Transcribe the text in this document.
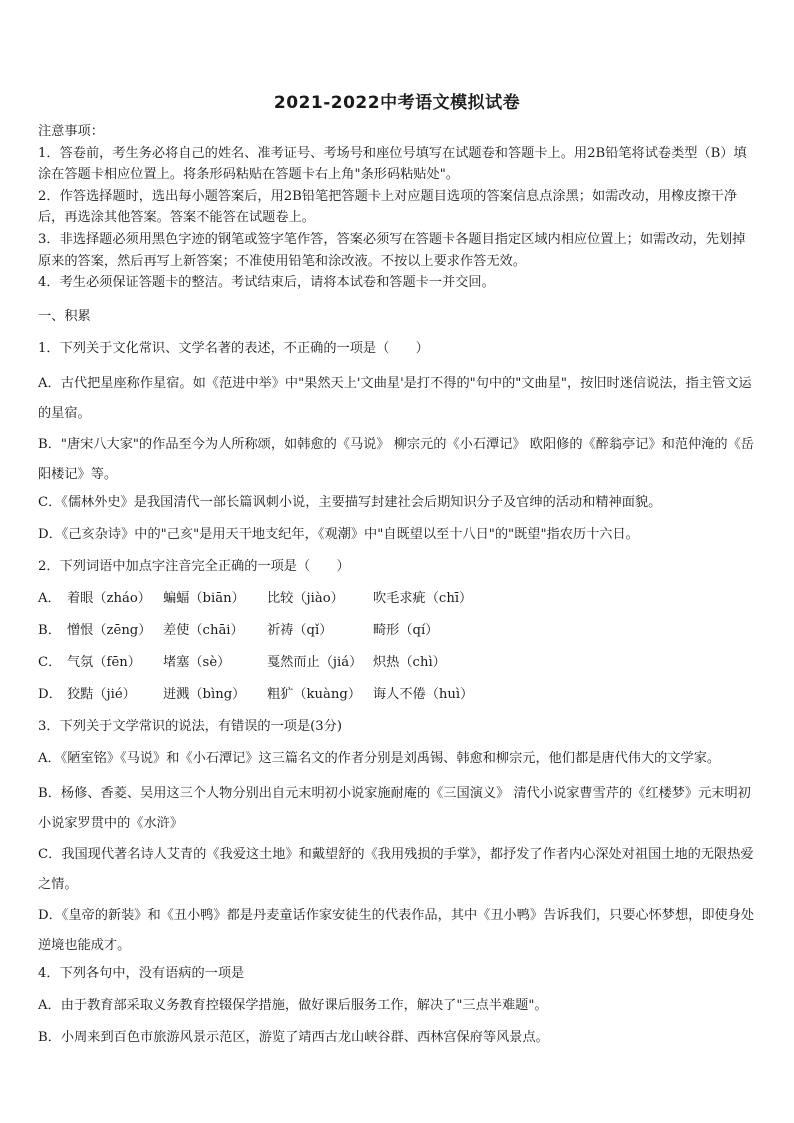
2021-2022中考语文模拟试卷

注意事项：

1．答卷前，考生务必将自己的姓名、准考证号、考场号和座位号填写在试题卷和答题卡上。用2B铅笔将试卷类型（B）填涂在答题卡相应位置上。将条形码粘贴在答题卡右上角"条形码粘贴处"。

2．作答选择题时，选出每小题答案后，用2B铅笔把答题卡上对应题目选项的答案信息点涂黑；如需改动，用橡皮擦干净后，再选涂其他答案。答案不能答在试题卷上。

3．非选择题必须用黑色字迹的钢笔或签字笔作答，答案必须写在答题卡各题目指定区域内相应位置上；如需改动，先划掉原来的答案，然后再写上新答案；不准使用铅笔和涂改液。不按以上要求作答无效。

4．考生必须保证答题卡的整洁。考试结束后，请将本试卷和答题卡一并交回。

一、积累
1．下列关于文化常识、文学名著的表述，不正确的一项是（　　）
A．古代把星座称作星宿。如《范进中举》中"果然天上'文曲星'是打不得的"句中的"文曲星"，按旧时迷信说法，指主管文运的星宿。
B．"唐宋八大家"的作品至今为人所称颂，如韩愈的《马说》 柳宗元的《小石潭记》 欧阳修的《醉翁亭记》和范仲淹的《岳阳楼记》等。
C．《儒林外史》是我国清代一部长篇讽刺小说，主要描写封建社会后期知识分子及官绅的活动和精神面貌。
D．《己亥杂诗》中的"己亥"是用天干地支纪年，《观潮》中"自既望以至十八日"的"既望"指农历十六日。
2．下列词语中加点字注音完全正确的一项是（　　）
A． 着眼（zháo） 蝙蝠（biān）	比较（jiào）	吹毛求疵（chī）
B． 憎恨（zēng） 差使（chāi）	祈祷（qǐ）	畸形（qí）
C． 气氛（fēn）	堵塞（sè）	戛然而止（jiá） 炽热（chì）
D． 狡黠（jié）	迸溅（bìng）	粗犷（kuàng） 诲人不倦（huì）
3．下列关于文学常识的说法，有错误的一项是(3分)
A．《陋室铭》《马说》和《小石潭记》这三篇名文的作者分别是刘禹锡、韩愈和柳宗元，他们都是唐代伟大的文学家。
B．杨修、香菱、吴用这三个人物分别出自元末明初小说家施耐庵的《三国演义》 清代小说家曹雪芹的《红楼梦》元末明初小说家罗贯中的《水浒》
C．我国现代著名诗人艾青的《我爱这土地》和戴望舒的《我用残损的手掌》，都抒发了作者内心深处对祖国土地的无限热爱之情。
D．《皇帝的新装》和《丑小鸭》都是丹麦童话作家安徒生的代表作品，其中《丑小鸭》告诉我们，只要心怀梦想，即使身处逆境也能成才。
4．下列各句中，没有语病的一项是
A．由于教育部采取义务教育控辍保学措施，做好课后服务工作，解决了"三点半难题"。
B．小周来到百色市旅游风景示范区，游览了靖西古龙山峡谷群、西林宫保府等风景点。
